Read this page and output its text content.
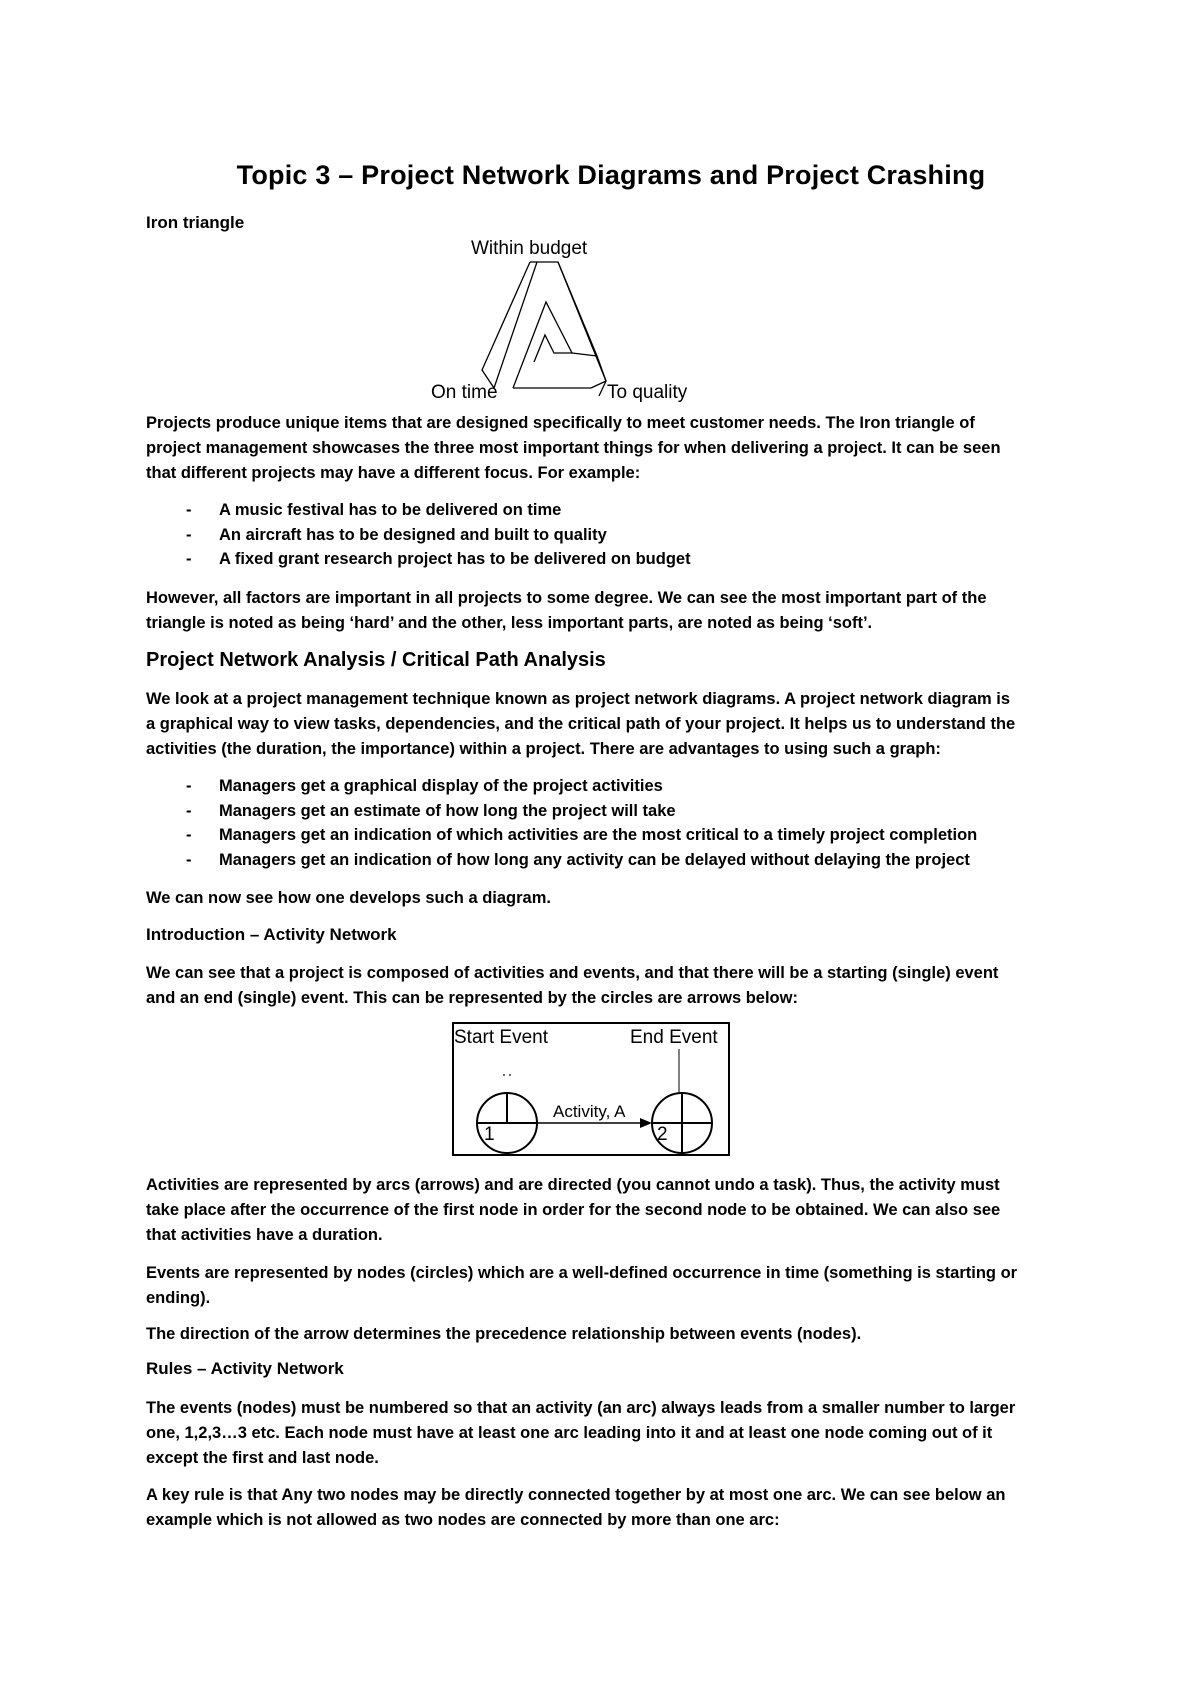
Topic 3 – Project Network Diagrams and Project Crashing
Iron triangle
Within budget
On time	To quality
Projects produce unique items that are designed specifically to meet customer needs. The Iron triangle of
project management showcases the three most important things for when delivering a project. It can be seen
that different projects may have a different focus. For example:
- A music festival has to be delivered on time
- An aircraft has to be designed and built to quality
- A fixed grant research project has to be delivered on budget
However, all factors are important in all projects to some degree. We can see the most important part of the
triangle is noted as being ‘hard’ and the other, less important parts, are noted as being ‘soft’.
Project Network Analysis / Critical Path Analysis
We look at a project management technique known as project network diagrams. A project network diagram is
a graphical way to view tasks, dependencies, and the critical path of your project. It helps us to understand the
activities (the duration, the importance) within a project. There are advantages to using such a graph:
- Managers get a graphical display of the project activities
- Managers get an estimate of how long the project will take
- Managers get an indication of which activities are the most critical to a timely project completion
- Managers get an indication of how long any activity can be delayed without delaying the project
We can now see how one develops such a diagram.
Introduction – Activity Network
We can see that a project is composed of activities and events, and that there will be a starting (single) event
and an end (single) event. This can be represented by the circles are arrows below:
Start Event	End Event
1
Activity, A
2
Activities are represented by arcs (arrows) and are directed (you cannot undo a task). Thus, the activity must
take place after the occurrence of the first node in order for the second node to be obtained. We can also see
that activities have a duration.
Events are represented by nodes (circles) which are a well-defined occurrence in time (something is starting or
ending).
The direction of the arrow determines the precedence relationship between events (nodes).
Rules – Activity Network
The events (nodes) must be numbered so that an activity (an arc) always leads from a smaller number to larger
one, 1,2,3…3 etc. Each node must have at least one arc leading into it and at least one node coming out of it
except the first and last node.
A key rule is that Any two nodes may be directly connected together by at most one arc. We can see below an
example which is not allowed as two nodes are connected by more than one arc:
